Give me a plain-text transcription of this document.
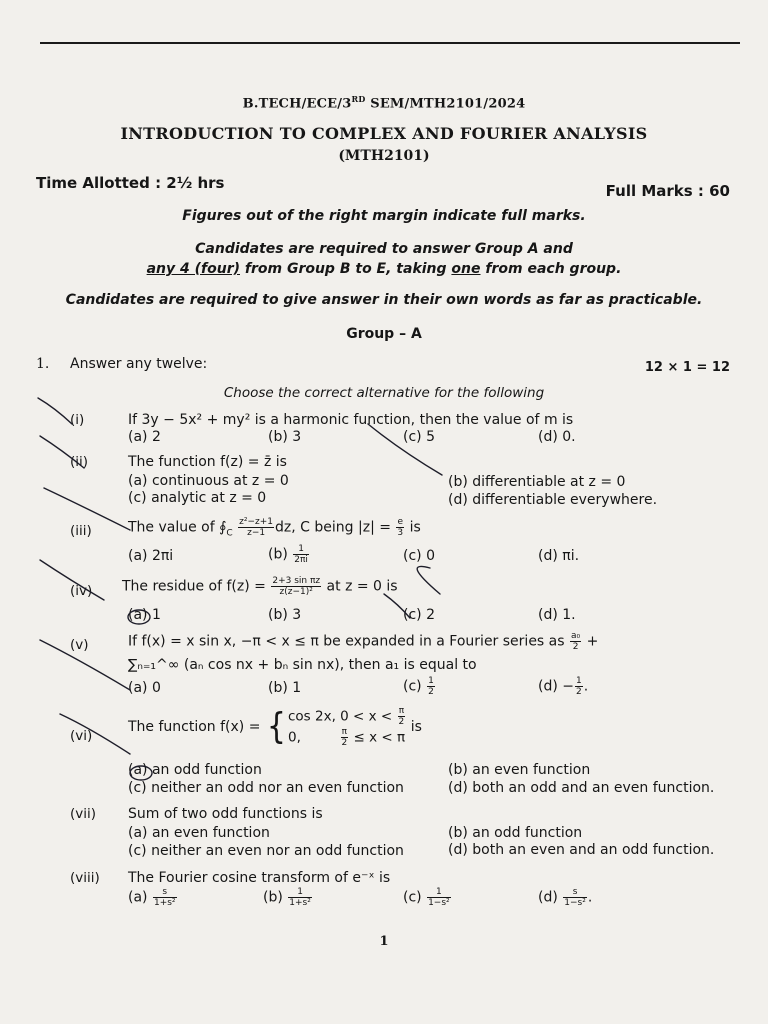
B.TECH/ECE/3RD SEM/MTH2101/2024
INTRODUCTION TO COMPLEX AND FOURIER ANALYSIS
(MTH2101)
Time Allotted : 2½ hrs	Full Marks : 60
Figures out of the right margin indicate full marks.
Candidates are required to answer Group A and
any 4 (four) from Group B to E, taking one from each group.
Candidates are required to give answer in their own words as far as practicable.
Group – A
1. Answer any twelve:	12 × 1 = 12
Choose the correct alternative for the following
(i)	If 3y − 5x² + my² is a harmonic function, then the value of m is
(a) 2	(b) 3	(c) 5	(d) 0.
(ii)	The function f(z) = z̄ is
(a) continuous at z = 0	(b) differentiable at z = 0
(c) analytic at z = 0	(d) differentiable everywhere.
(iii)	The value of $∮_C \frac{\text{z²−z+1}}{z-1}$ dz, C being $|z| = \frac{e}{3}$ is
(a) 2πi	$(b) \frac{1}{2\pi i}$	(c) 0	(d) πi.
(iv) The residue of $f(z) = \frac{\text{2+3 sin πz}}{\text{z(z−1)²}}$ at z = 0 is
(a) 1	(b) 3	(c) 2	(d) 1.
(v)	If f(x) = x sin x, −π < x ≤ π be expanded in a Fourier series as $\frac{\text{a₀}}{2}$ +
∑ₙ₌₁^∞ (aₙ cos nx + bₙ sin nx), then a₁ is equal to
(a) 0	(b) 1	$(c) \frac{1}{2}$	$(d) - \frac{1}{2}$ .
(vi)
The function f(x) = { cos 2x, $0 < x < \frac{\pi}{2}$
0,	$\frac{\pi}{2} \le x < \pi$
is
(a) an odd function	(b) an even function
(c) neither an odd nor an even function	(d) both an odd and an even function.
(vii) Sum of two odd functions is
(a) an even function	(b) an odd function
(c) neither an even nor an odd function	(d) both an even and an odd function.
(viii) The Fourier cosine transform of e⁻ˣ is
$(a) \frac{s}{\text{1+s²}}$	$(b) \frac{1}{\text{1+s²}}$	$(c) \frac{1}{\text{1−s²}}$	$(d) \frac{s}{\text{1−s²}}$ .
1
